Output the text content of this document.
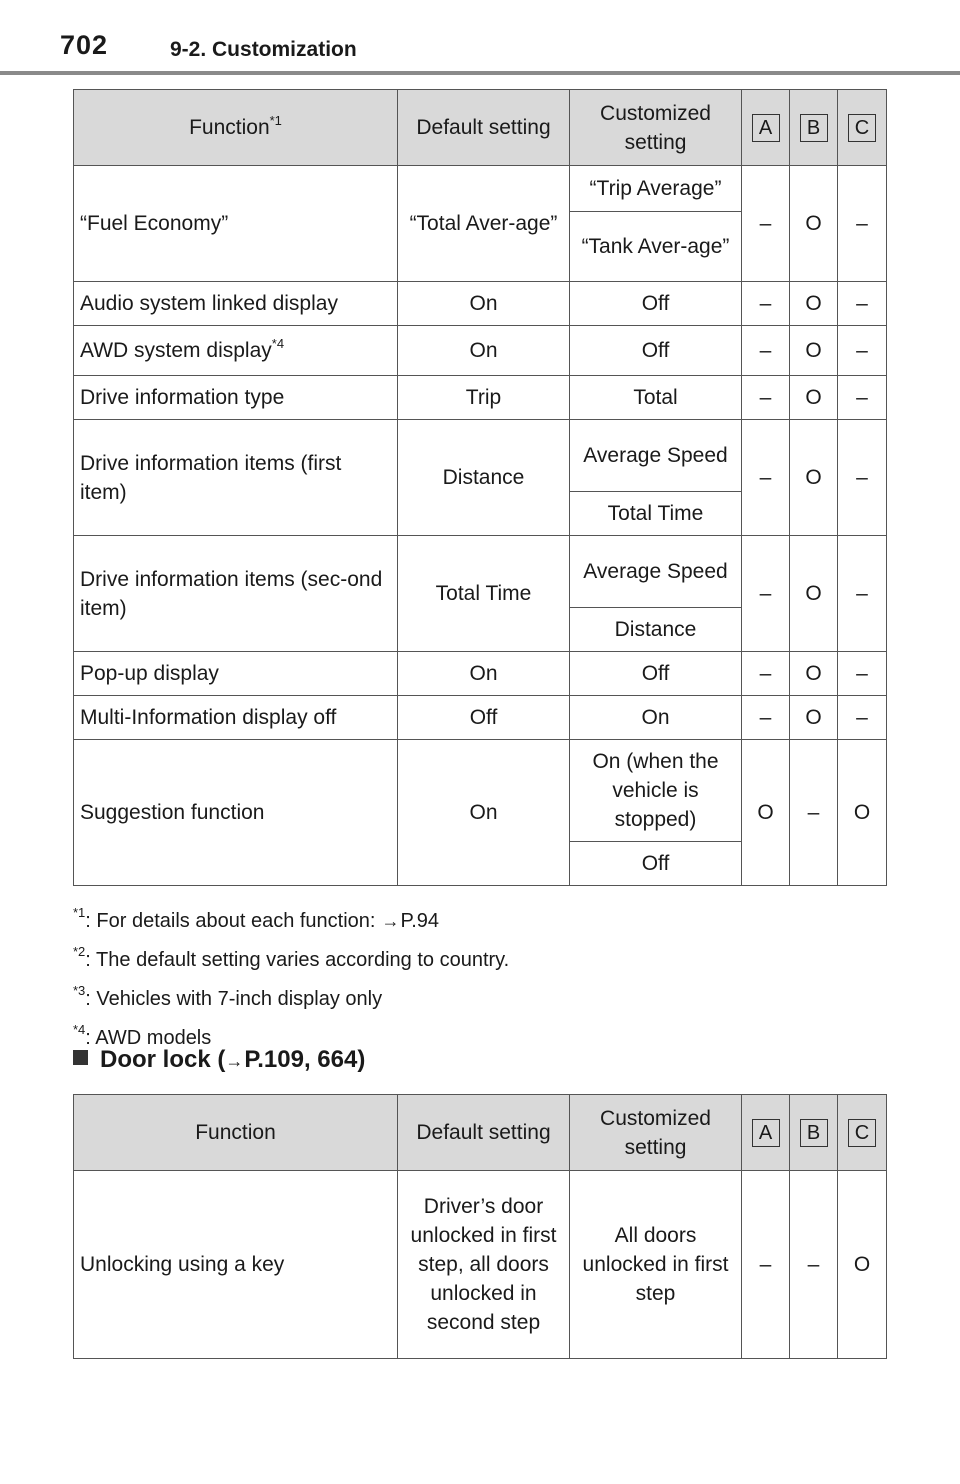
702	9-2. Customization
Function$^{*1}$	Default setting	Customized setting	A	B	C
“Fuel Economy”	“Total Aver-age”	“Trip Average”	–	O	–
		“Tank Aver-age”			
Audio system linked display	On	Off	–	O	–
AWD system display$^{*4}$	On	Off	–	O	–
Drive information type	Trip	Total	–	O	–
Drive information items (first item)	Distance	Average Speed	–	O	–
		Total Time			
Drive information items (sec-ond item)	Total Time	Average Speed	–	O	–
		Distance			
Pop-up display	On	Off	–	O	–
Multi-Information display off	Off	On	–	O	–
Suggestion function	On	On (when the vehicle is stopped)	O	–	O
		Off			
$^{*1}$: For details about each function: →P.94
$^{*2}$: The default setting varies according to country.
$^{*3}$: Vehicles with 7-inch display only
$^{*4}$: AWD models
Door lock (→P.109, 664)
Function	Default setting	Customized setting	A	B	C
Unlocking using a key	Driver’s door unlocked in first step, all doors unlocked in second step	All doors unlocked in first step	–	–	O
